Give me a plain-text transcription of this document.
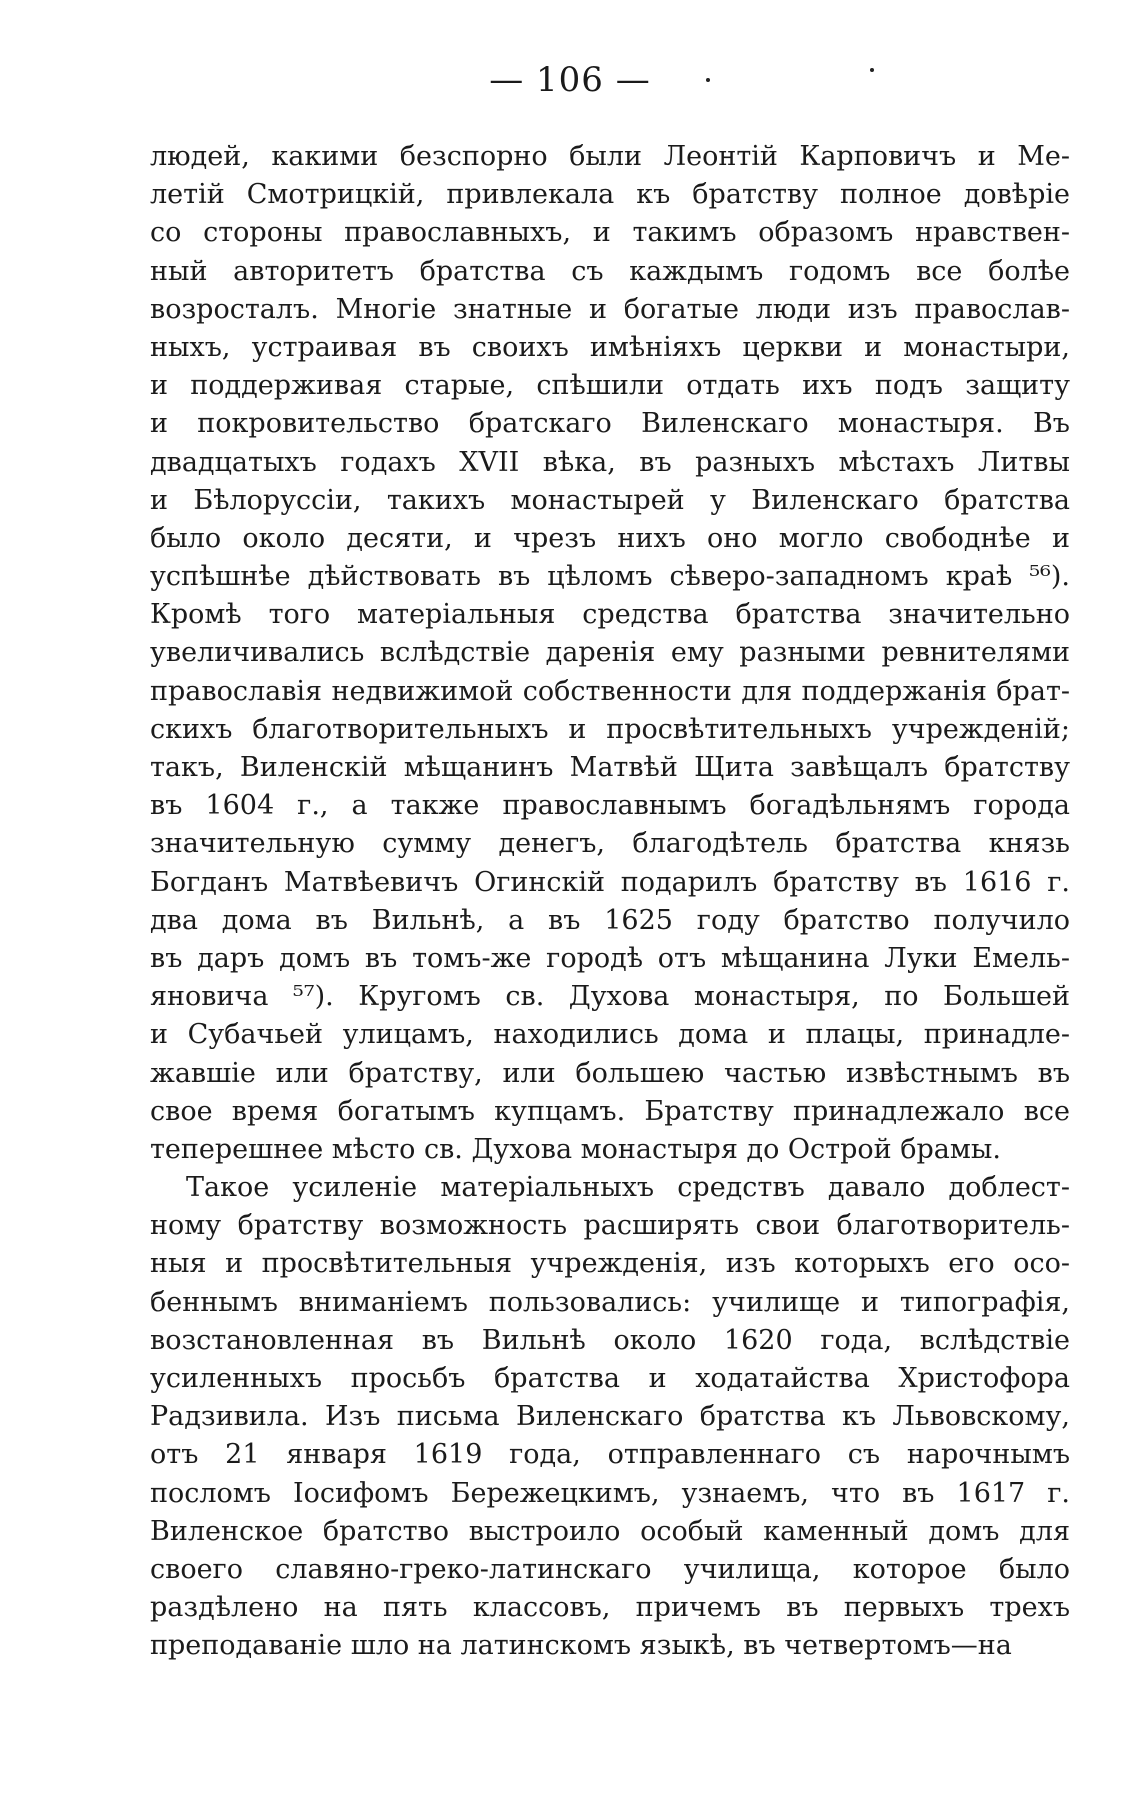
— 106 —
людей, какими безспорно были Леонтій Карповичъ и Ме-
летій Смотрицкій, привлекала къ братству полное довѣріе
со стороны православныхъ, и такимъ образомъ нравствен-
ный авторитетъ братства съ каждымъ годомъ все болѣе
возросталъ. Многіе знатные и богатые люди изъ православ-
ныхъ, устраивая въ своихъ имѣніяхъ церкви и монастыри,
и поддерживая старые, спѣшили отдать ихъ подъ защиту
и покровительство братскаго Виленскаго монастыря. Въ
двадцатыхъ годахъ XVII вѣка, въ разныхъ мѣстахъ Литвы
и Бѣлоруссіи, такихъ монастырей у Виленскаго братства
было около десяти, и чрезъ нихъ оно могло свободнѣе и
успѣшнѣе дѣйствовать въ цѣломъ сѣверо-западномъ краѣ ⁵⁶).
Кромѣ того матеріальныя средства братства значительно
увеличивались вслѣдствіе даренія ему разными ревнителями
православія недвижимой собственности для поддержанія брат-
скихъ благотворительныхъ и просвѣтительныхъ учрежденій;
такъ, Виленскій мѣщанинъ Матвѣй Щита завѣщалъ братству
въ 1604 г., а также православнымъ богадѣльнямъ города
значительную сумму денегъ, благодѣтель братства князь
Богданъ Матвѣевичъ Огинскій подарилъ братству въ 1616 г.
два дома въ Вильнѣ, а въ 1625 году братство получило
въ даръ домъ въ томъ-же городѣ отъ мѣщанина Луки Емель-
яновича ⁵⁷). Кругомъ св. Духова монастыря, по Большей
и Субачьей улицамъ, находились дома и плацы, принадле-
жавшіе или братству, или большею частью извѣстнымъ въ
свое время богатымъ купцамъ. Братству принадлежало все
теперешнее мѣсто св. Духова монастыря до Острой брамы.
Такое усиленіе матеріальныхъ средствъ давало доблест-
ному братству возможность расширять свои благотворитель-
ныя и просвѣтительныя учрежденія, изъ которыхъ его осо-
беннымъ вниманіемъ пользовались: училище и типографія,
возстановленная въ Вильнѣ около 1620 года, вслѣдствіе
усиленныхъ просьбъ братства и ходатайства Христофора
Радзивила. Изъ письма Виленскаго братства къ Львовскому,
отъ 21 января 1619 года, отправленнаго съ нарочнымъ
посломъ Іосифомъ Бережецкимъ, узнаемъ, что въ 1617 г.
Виленское братство выстроило особый каменный домъ для
своего славяно-греко-латинскаго училища, которое было
раздѣлено на пять классовъ, причемъ въ первыхъ трехъ
преподаваніе шло на латинскомъ языкѣ, въ четвертомъ—на
